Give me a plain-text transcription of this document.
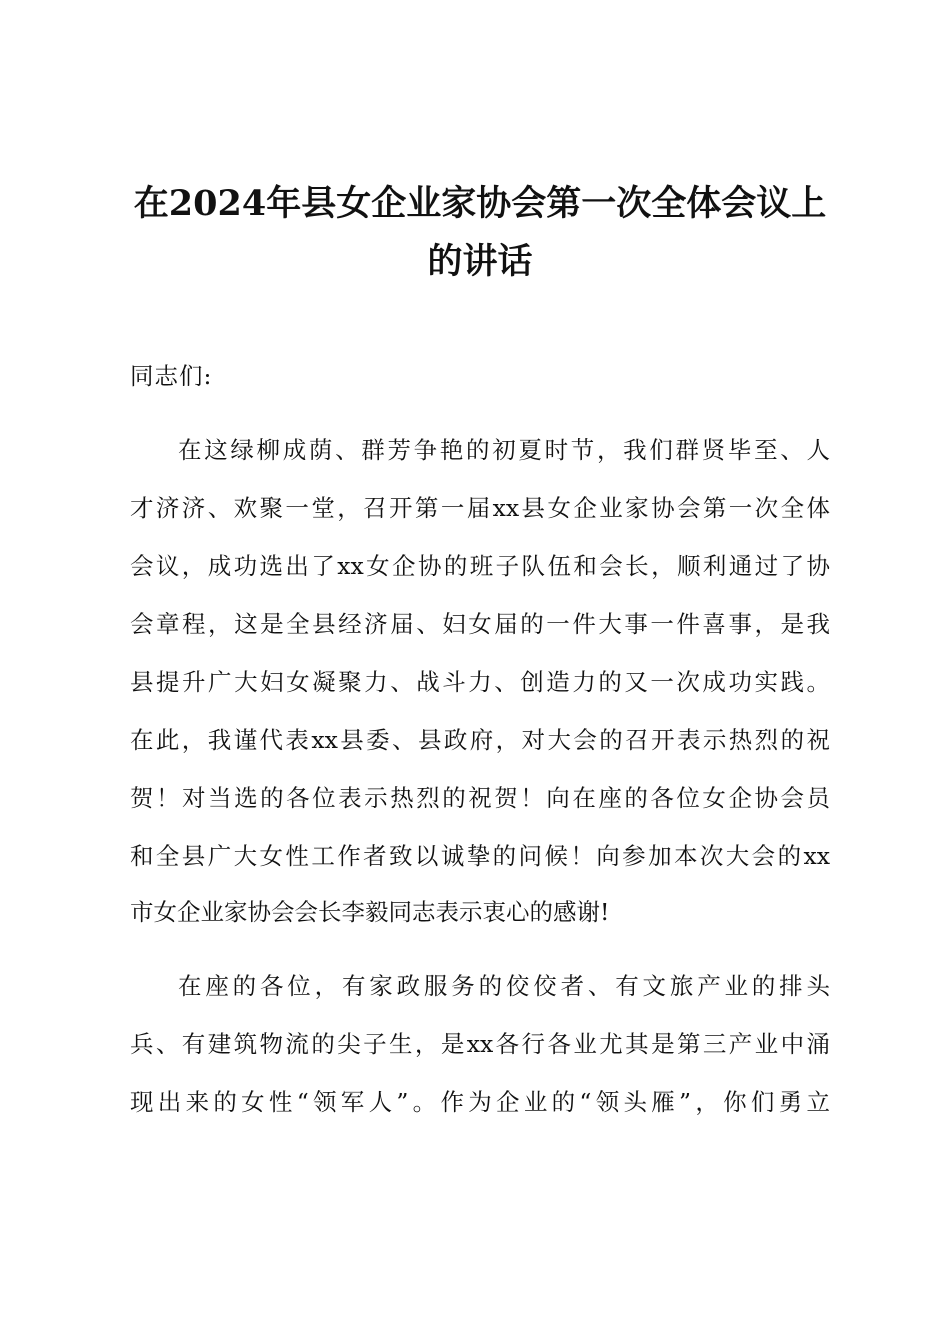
在2024年县女企业家协会第一次全体会议上
的讲话

同志们:

在这绿柳成荫、群芳争艳的初夏时节，我们群贤毕至、人

才济济、欢聚一堂，召开第一届xx县女企业家协会第一次全体

会议，成功选出了xx女企协的班子队伍和会长，顺利通过了协

会章程，这是全县经济届、妇女届的一件大事一件喜事，是我

县提升广大妇女凝聚力、战斗力、创造力的又一次成功实践。

在此，我谨代表xx县委、县政府，对大会的召开表示热烈的祝

贺！对当选的各位表示热烈的祝贺！向在座的各位女企协会员

和全县广大女性工作者致以诚挚的问候！向参加本次大会的xx

市女企业家协会会长李毅同志表示衷心的感谢!

在座的各位，有家政服务的佼佼者、有文旅产业的排头

兵、有建筑物流的尖子生，是xx各行各业尤其是第三产业中涌

现出来的女性“领军人”。作为企业的“领头雁”，你们勇立
